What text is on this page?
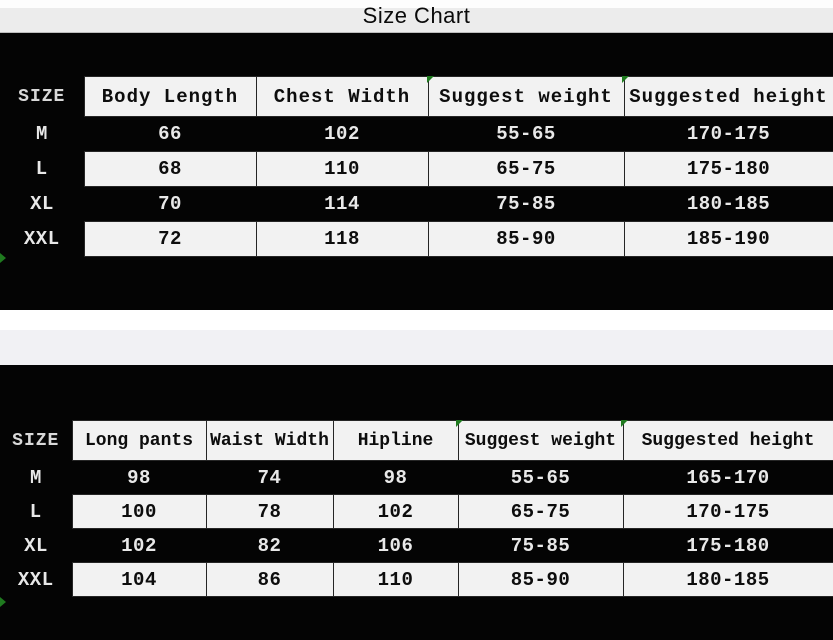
Size Chart
SIZE	Body Length	Chest Width	Suggest weight	Suggested height
M	66	102	55-65	170-175
L	68	110	65-75	175-180
XL	70	114	75-85	180-185
XXL	72	118	85-90	185-190
SIZE	Long pants	Waist Width	Hipline	Suggest weight	Suggested height
M	98	74	98	55-65	165-170
L	100	78	102	65-75	170-175
XL	102	82	106	75-85	175-180
XXL	104	86	110	85-90	180-185
